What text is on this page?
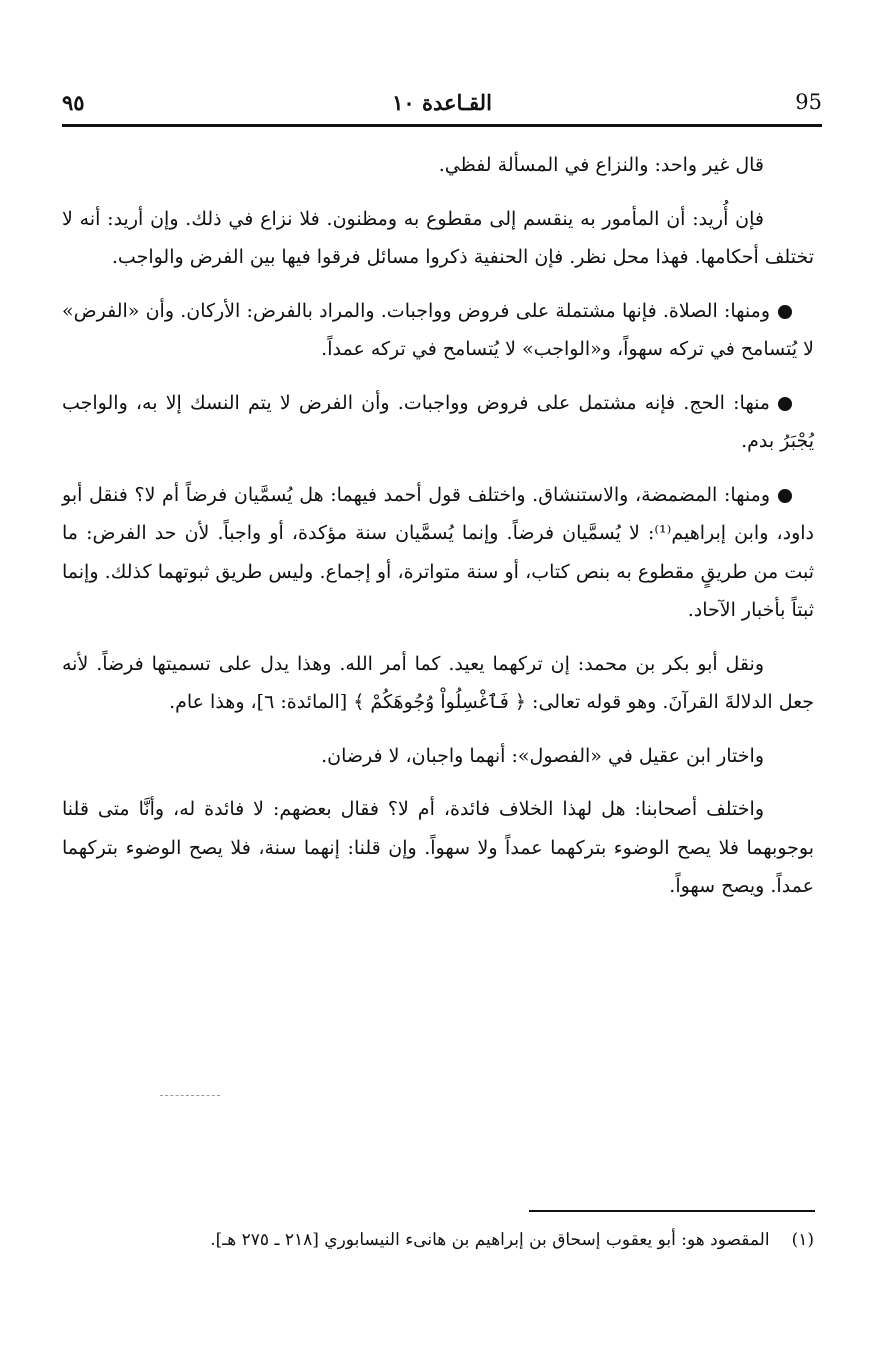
95
القـاعدة ١٠
٩٥

قال غير واحد: والنزاع في المسألة لفظي.

فإن أُريد: أن المأمور به ينقسم إلى مقطوع به ومظنون. فلا نزاع في ذلك. وإن أريد: أنه لا تختلف أحكامها. فهذا محل نظر. فإن الحنفية ذكروا مسائل فرقوا فيها بين الفرض والواجب.

ومنها: الصلاة. فإنها مشتملة على فروض وواجبات. والمراد بالفرض: الأركان. وأن «الفرض» لا يُتسامح في تركه سهواً، و«الواجب» لا يُتسامح في تركه عمداً.

منها: الحج. فإنه مشتمل على فروض وواجبات. وأن الفرض لا يتم النسك إلا به، والواجب يُجْبَرُ بدم.

ومنها: المضمضة، والاستنشاق. واختلف قول أحمد فيهما: هل يُسمَّيان فرضاً أم لا؟ فنقل أبو داود، وابن إبراهيم⁽¹⁾: لا يُسمَّيان فرضاً. وإنما يُسمَّيان سنة مؤكدة، أو واجباً. لأن حد الفرض: ما ثبت من طريقٍ مقطوع به بنص كتاب، أو سنة متواترة، أو إجماع. وليس طريق ثبوتهما كذلك. وإنما ثبتاً بأخبار الآحاد.

ونقل أبو بكر بن محمد: إن تركهما يعيد. كما أمر الله. وهذا يدل على تسميتها فرضاً. لأنه جعل الدلالةَ القرآنَ. وهو قوله تعالى: ﴿ فَٱغْسِلُواْ وُجُوهَكُمْ ﴾ [المائدة: ٦]، وهذا عام.

واختار ابن عقيل في «الفصول»: أنهما واجبان، لا فرضان.

واختلف أصحابنا: هل لهذا الخلاف فائدة، أم لا؟ فقال بعضهم: لا فائدة له، وأنَّا متى قلنا بوجوبهما فلا يصح الوضوء بتركهما عمداً ولا سهواً. وإن قلنا: إنهما سنة، فلا يصح الوضوء بتركهما عمداً. ويصح سهواً.

(١)المقصود هو: أبو يعقوب إسحاق بن إبراهيم بن هانىء النيسابوري [٢١٨ ـ ٢٧٥ هـ].
